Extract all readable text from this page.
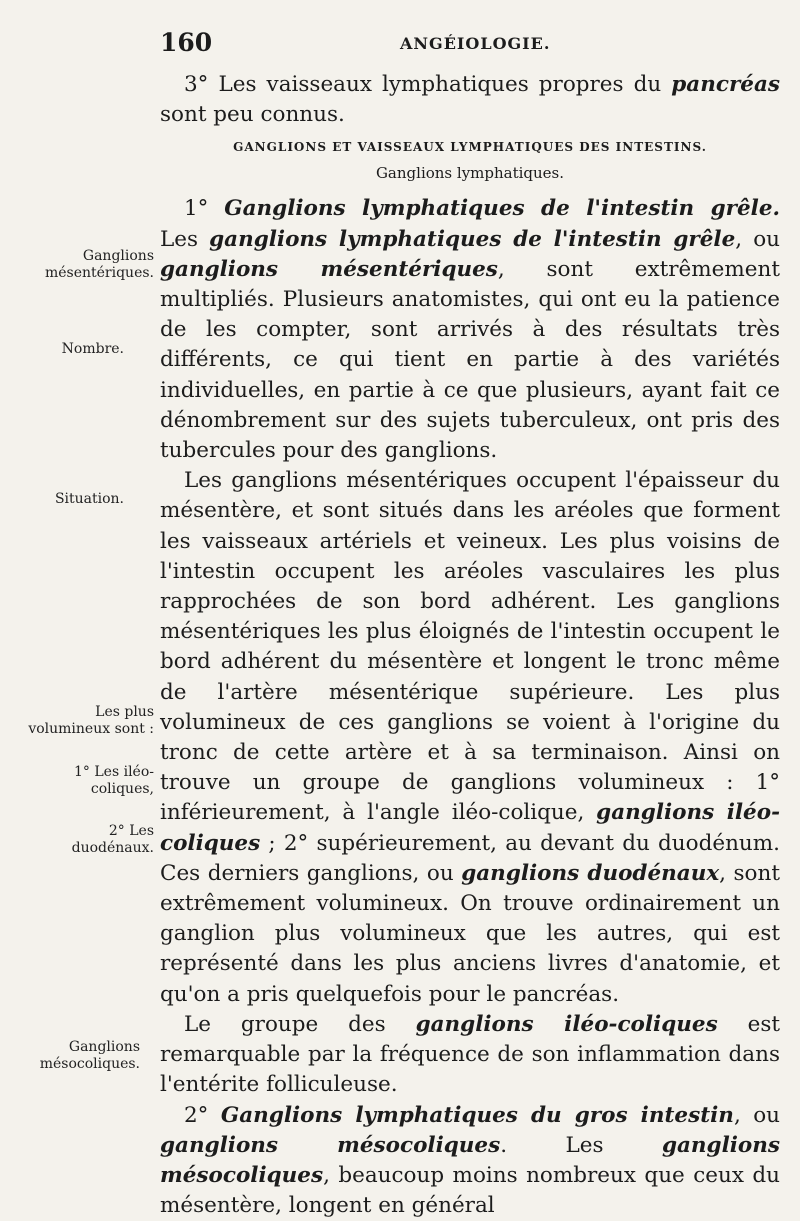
160	ANGÉIOLOGIE.

3° Les vaisseaux lymphatiques propres du pancréas sont peu connus.

GANGLIONS ET VAISSEAUX LYMPHATIQUES DES INTESTINS.
Ganglions lymphatiques.

1° Ganglions lymphatiques de l'intestin grêle. Les ganglions lymphatiques de l'intestin grêle, ou ganglions mésentériques, sont extrêmement multipliés. Plusieurs anatomistes, qui ont eu la patience de les compter, sont arrivés à des résultats très différents, ce qui tient en partie à des variétés individuelles, en partie à ce que plusieurs, ayant fait ce dénombrement sur des sujets tuberculeux, ont pris des tubercules pour des ganglions.

Les ganglions mésentériques occupent l'épaisseur du mésentère, et sont situés dans les aréoles que forment les vaisseaux artériels et veineux. Les plus voisins de l'intestin occupent les aréoles vasculaires les plus rapprochées de son bord adhérent. Les ganglions mésentériques les plus éloignés de l'intestin occupent le bord adhérent du mésentère et longent le tronc même de l'artère mésentérique supérieure. Les plus volumineux de ces ganglions se voient à l'origine du tronc de cette artère et à sa terminaison. Ainsi on trouve un groupe de ganglions volumineux : 1° inférieurement, à l'angle iléo-colique, ganglions iléo-coliques ; 2° supérieurement, au devant du duodénum. Ces derniers ganglions, ou ganglions duodénaux, sont extrêmement volumineux. On trouve ordinairement un ganglion plus volumineux que les autres, qui est représenté dans les plus anciens livres d'anatomie, et qu'on a pris quelquefois pour le pancréas.

Le groupe des ganglions iléo-coliques est remarquable par la fréquence de son inflammation dans l'entérite folliculeuse.

2° Ganglions lymphatiques du gros intestin, ou ganglions mésocoliques. Les ganglions mésocoliques, beaucoup moins nombreux que ceux du mésentère, longent en général

Ganglions mésentériques.
Nombre.
Situation.
Les plus volumineux sont :
1° Les iléo-coliques,
2° Les duodénaux.
Ganglions mésocoliques.
